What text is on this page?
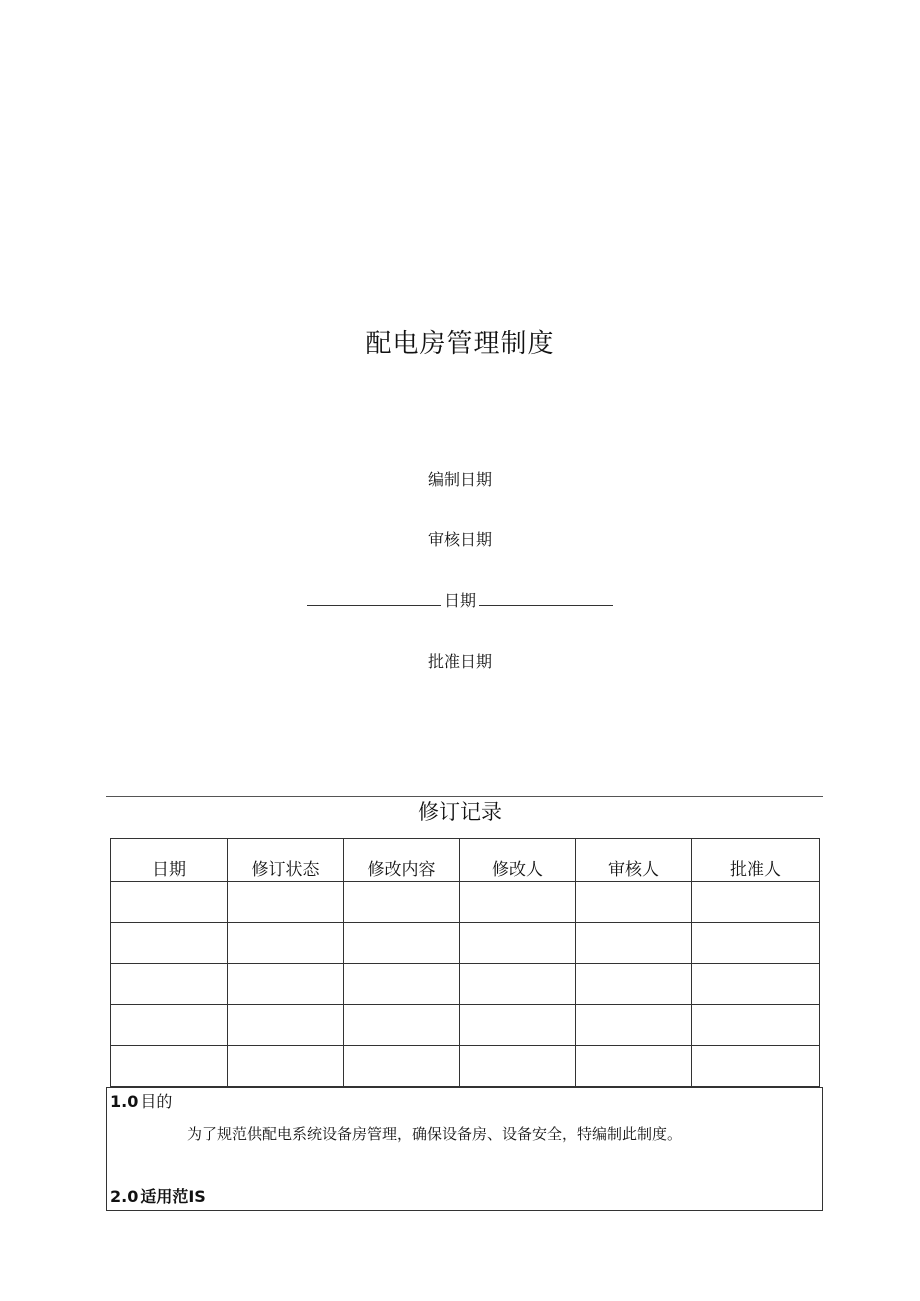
配电房管理制度
编制日期
审核日期
日期
批准日期
修订记录
日期	修订状态	修改内容	修改人	审核人	批准人

1.0 目的
为了规范供配电系统设备房管理，确保设备房、设备安全，特编制此制度。
2.0 适用范IS
